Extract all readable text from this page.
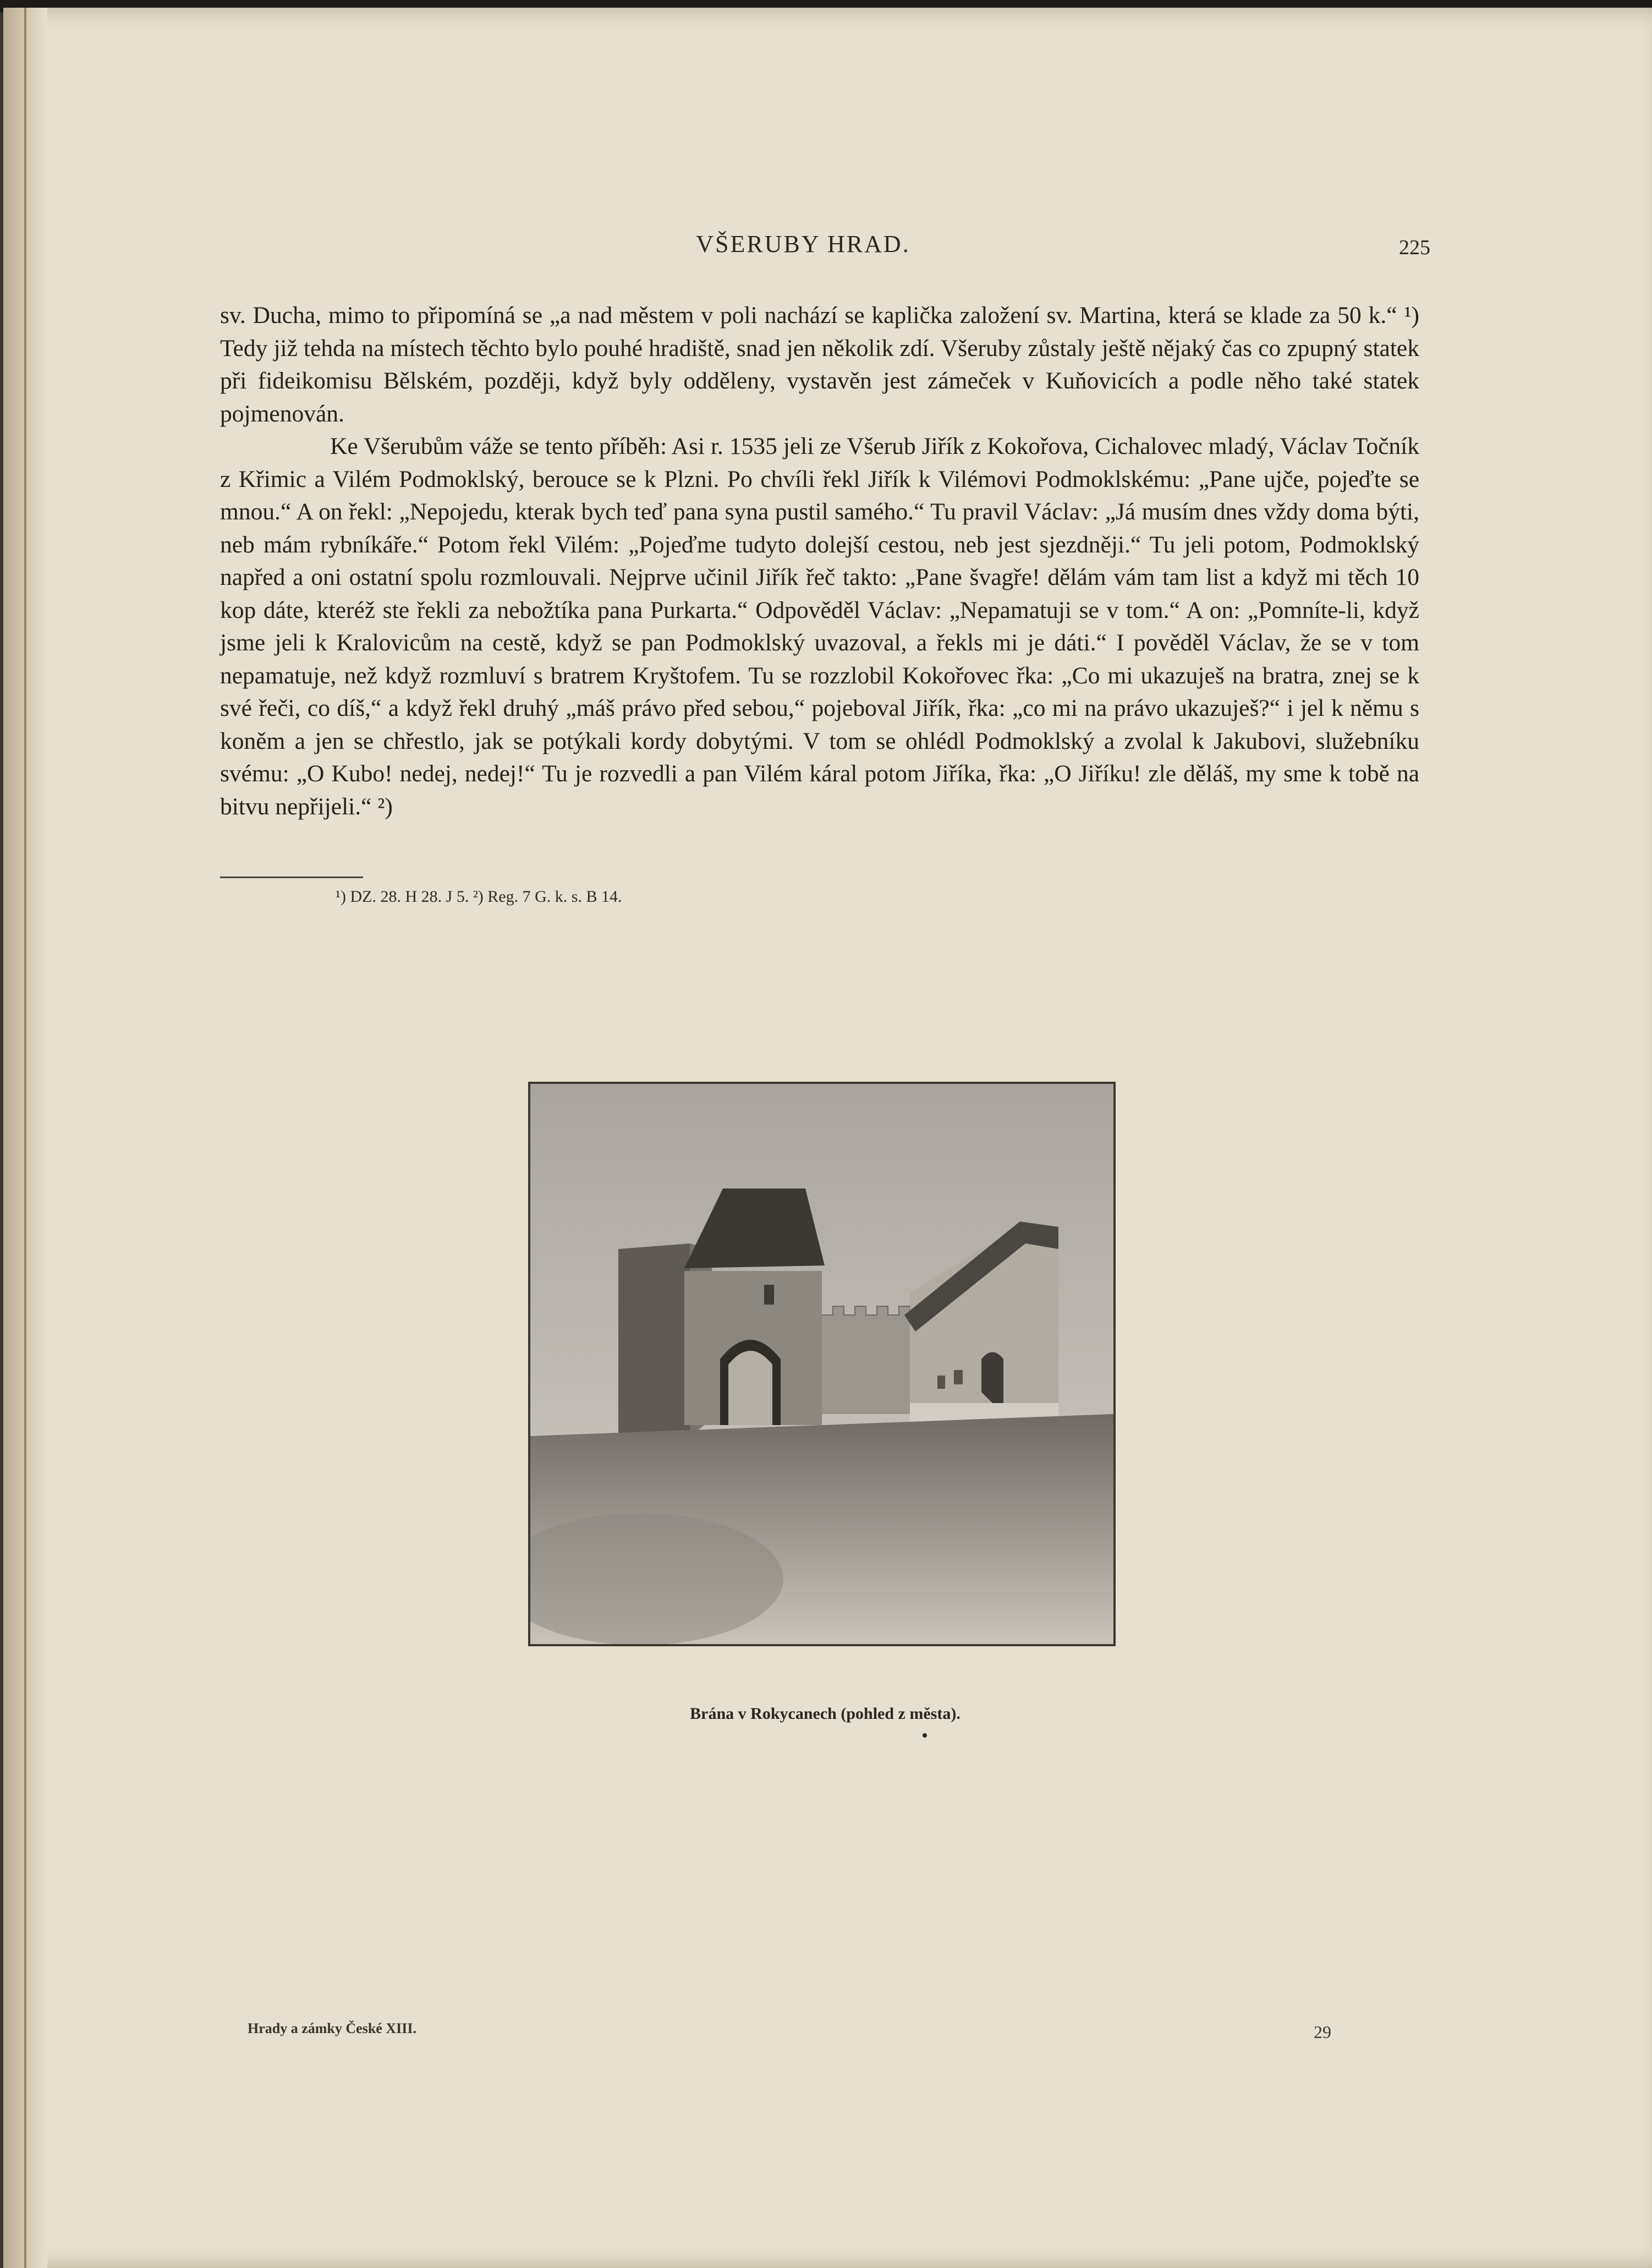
VŠERUBY HRAD.	225

sv. Ducha, mimo to připomíná se „a nad městem v poli nachází se kaplička založení sv. Martina, která se klade za 50 k.“ ¹) Tedy již tehda na místech těchto bylo pouhé hradiště, snad jen několik zdí. Všeruby zůstaly ještě nějaký čas co zpupný statek při fideikomisu Bělském, později, když byly odděleny, vystavěn jest zámeček v Kuňovicích a podle něho také statek pojmenován.

Ke Všerubům váže se tento příběh: Asi r. 1535 jeli ze Všerub Jiřík z Kokořova, Cichalovec mladý, Václav Točník z Křimic a Vilém Podmoklský, berouce se k Plzni. Po chvíli řekl Jiřík k Vilémovi Podmoklskému: „Pane ujče, pojeďte se mnou.“ A on řekl: „Nepojedu, kterak bych teď pana syna pustil samého.“ Tu pravil Václav: „Já musím dnes vždy doma býti, neb mám rybníkáře.“ Potom řekl Vilém: „Pojeďme tudyto dolejší cestou, neb jest sjezdněji.“ Tu jeli potom, Podmoklský napřed a oni ostatní spolu rozmlouvali. Nejprve učinil Jiřík řeč takto: „Pane švagře! dělám vám tam list a když mi těch 10 kop dáte, kteréž ste řekli za nebožtíka pana Purkarta.“ Odpověděl Václav: „Nepamatuji se v tom.“ A on: „Pomníte-li, když jsme jeli k Kralovicům na cestě, když se pan Podmoklský uvazoval, a řekls mi je dáti.“ I pověděl Václav, že se v tom nepamatuje, než když rozmluví s bratrem Kryštofem. Tu se rozzlobil Kokořovec řka: „Co mi ukazuješ na bratra, znej se k své řeči, co díš,“ a když řekl druhý „máš právo před sebou,“ pojeboval Jiřík, řka: „co mi na právo ukazuješ?“ i jel k němu s koněm a jen se chřestlo, jak se potýkali kordy dobytými. V tom se ohlédl Podmoklský a zvolal k Jakubovi, služebníku svému: „O Kubo! nedej, nedej!“ Tu je rozvedli a pan Vilém káral potom Jiříka, řka: „O Jiříku! zle děláš, my sme k tobě na bitvu nepřijeli.“ ²)

¹) DZ. 28. H 28. J 5. ²) Reg. 7 G. k. s. B 14.
Brána v Rokycanech (pohled z města).
Hrady a zámky České XIII.	29
